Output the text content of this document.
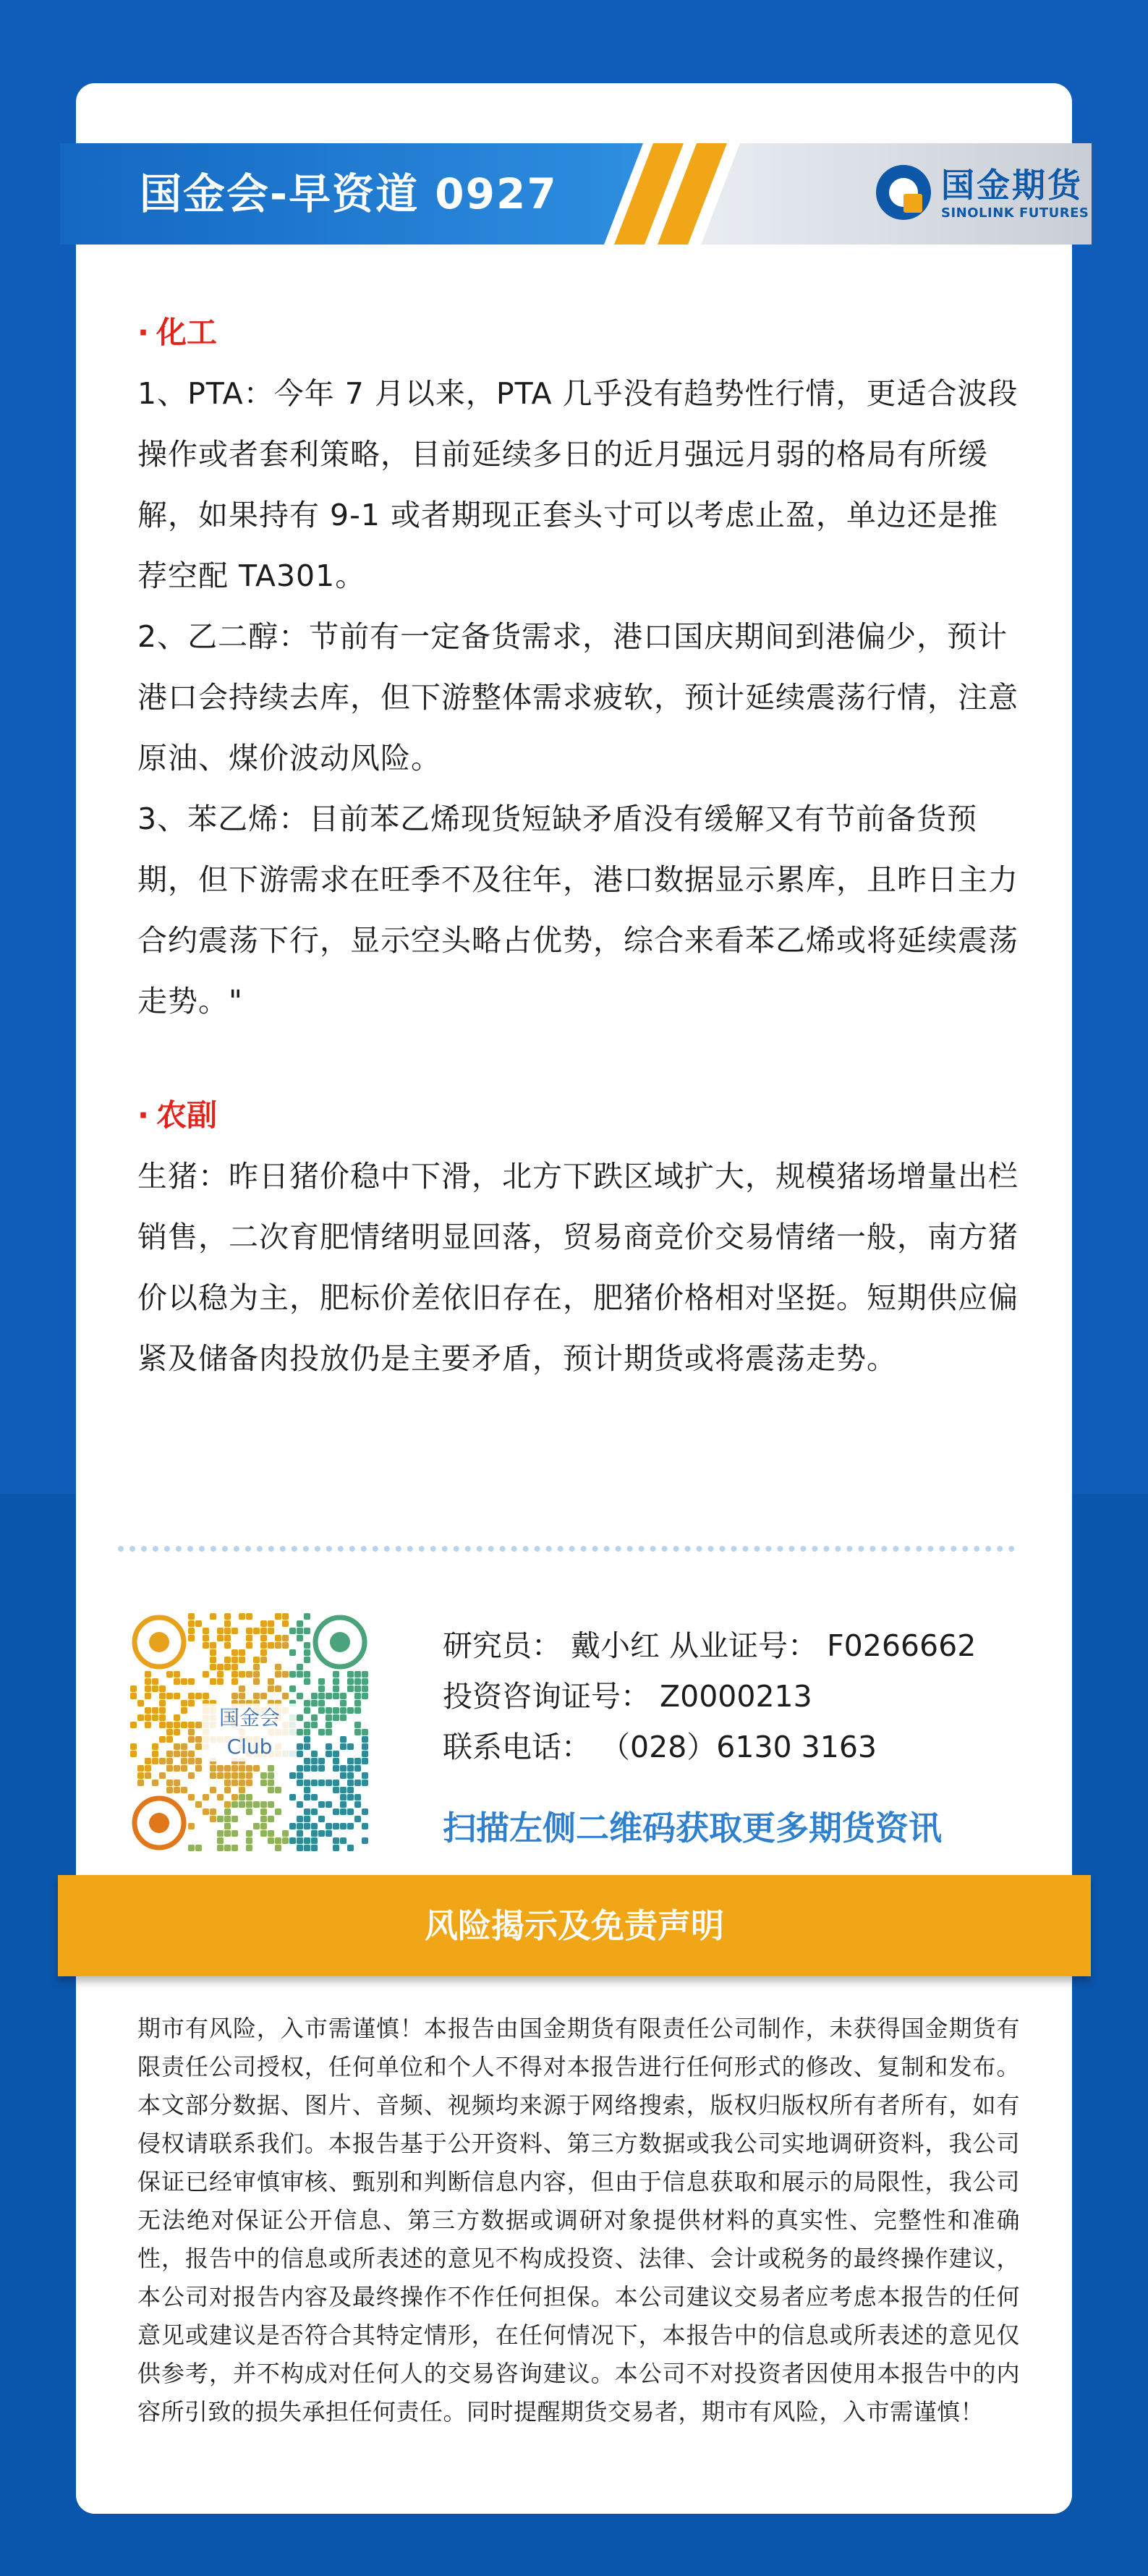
国金会-早资道 0927	国金期货
SINOLINK FUTURES
· 化工
1、PTA：今年 7 月以来，PTA 几乎没有趋势性行情，更适合波段操作或者套利策略，目前延续多日的近月强远月弱的格局有所缓解，如果持有 9-1 或者期现正套头寸可以考虑止盈，单边还是推荐空配 TA301。
2、乙二醇：节前有一定备货需求，港口国庆期间到港偏少，预计港口会持续去库，但下游整体需求疲软，预计延续震荡行情，注意原油、煤价波动风险。
3、苯乙烯：目前苯乙烯现货短缺矛盾没有缓解又有节前备货预期，但下游需求在旺季不及往年，港口数据显示累库，且昨日主力合约震荡下行，显示空头略占优势，综合来看苯乙烯或将延续震荡走势。"
· 农副
生猪：昨日猪价稳中下滑，北方下跌区域扩大，规模猪场增量出栏销售，二次育肥情绪明显回落，贸易商竞价交易情绪一般，南方猪价以稳为主，肥标价差依旧存在，肥猪价格相对坚挺。短期供应偏紧及储备肉投放仍是主要矛盾，预计期货或将震荡走势。
国金会
Club
研究员： 戴小红 从业证号： F0266662
投资咨询证号： Z0000213
联系电话： （028）6130 3163
扫描左侧二维码获取更多期货资讯
风险揭示及免责声明
期市有风险，入市需谨慎！本报告由国金期货有限责任公司制作，未获得国金期货有限责任公司授权，任何单位和个人不得对本报告进行任何形式的修改、复制和发布。本文部分数据、图片、音频、视频均来源于网络搜索，版权归版权所有者所有，如有侵权请联系我们。本报告基于公开资料、第三方数据或我公司实地调研资料，我公司保证已经审慎审核、甄别和判断信息内容，但由于信息获取和展示的局限性，我公司无法绝对保证公开信息、第三方数据或调研对象提供材料的真实性、完整性和准确性，报告中的信息或所表述的意见不构成投资、法律、会计或税务的最终操作建议，本公司对报告内容及最终操作不作任何担保。本公司建议交易者应考虑本报告的任何意见或建议是否符合其特定情形，在任何情况下，本报告中的信息或所表述的意见仅供参考，并不构成对任何人的交易咨询建议。本公司不对投资者因使用本报告中的内容所引致的损失承担任何责任。同时提醒期货交易者，期市有风险，入市需谨慎！
